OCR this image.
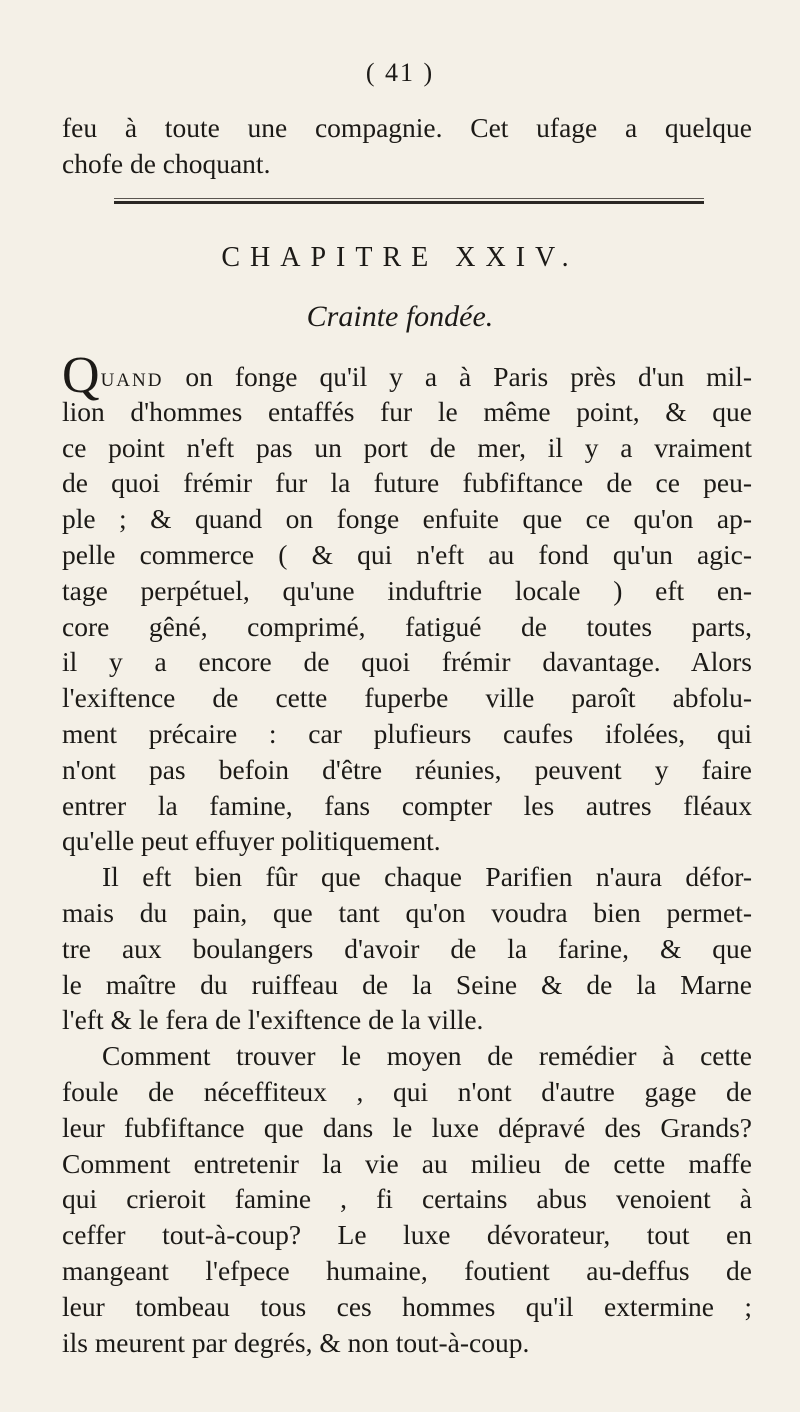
( 41 )
feu à toute une compagnie. Cet ufage a quelque
chofe de choquant.
CHAPITRE XXIV.
Crainte fondée.
QUAND on fonge qu'il y a à Paris près d'un mil-
lion d'hommes entaffés fur le même point, & que
ce point n'eft pas un port de mer, il y a vraiment
de quoi frémir fur la future fubfiftance de ce peu-
ple ; & quand on fonge enfuite que ce qu'on ap-
pelle commerce ( & qui n'eft au fond qu'un agic-
tage perpétuel, qu'une induftrie locale ) eft en-
core gêné, comprimé, fatigué de toutes parts,
il y a encore de quoi frémir davantage. Alors
l'exiftence de cette fuperbe ville paroît abfolu-
ment précaire : car plufieurs caufes ifolées, qui
n'ont pas befoin d'être réunies, peuvent y faire
entrer la famine, fans compter les autres fléaux
qu'elle peut effuyer politiquement.
Il eft bien fûr que chaque Parifien n'aura défor-
mais du pain, que tant qu'on voudra bien permet-
tre aux boulangers d'avoir de la farine, & que
le maître du ruiffeau de la Seine & de la Marne
l'eft & le fera de l'exiftence de la ville.
Comment trouver le moyen de remédier à cette
foule de néceffiteux , qui n'ont d'autre gage de
leur fubfiftance que dans le luxe dépravé des Grands?
Comment entretenir la vie au milieu de cette maffe
qui crieroit famine , fi certains abus venoient à
ceffer tout-à-coup? Le luxe dévorateur, tout en
mangeant l'efpece humaine, foutient au-deffus de
leur tombeau tous ces hommes qu'il extermine ;
ils meurent par degrés, & non tout-à-coup.
